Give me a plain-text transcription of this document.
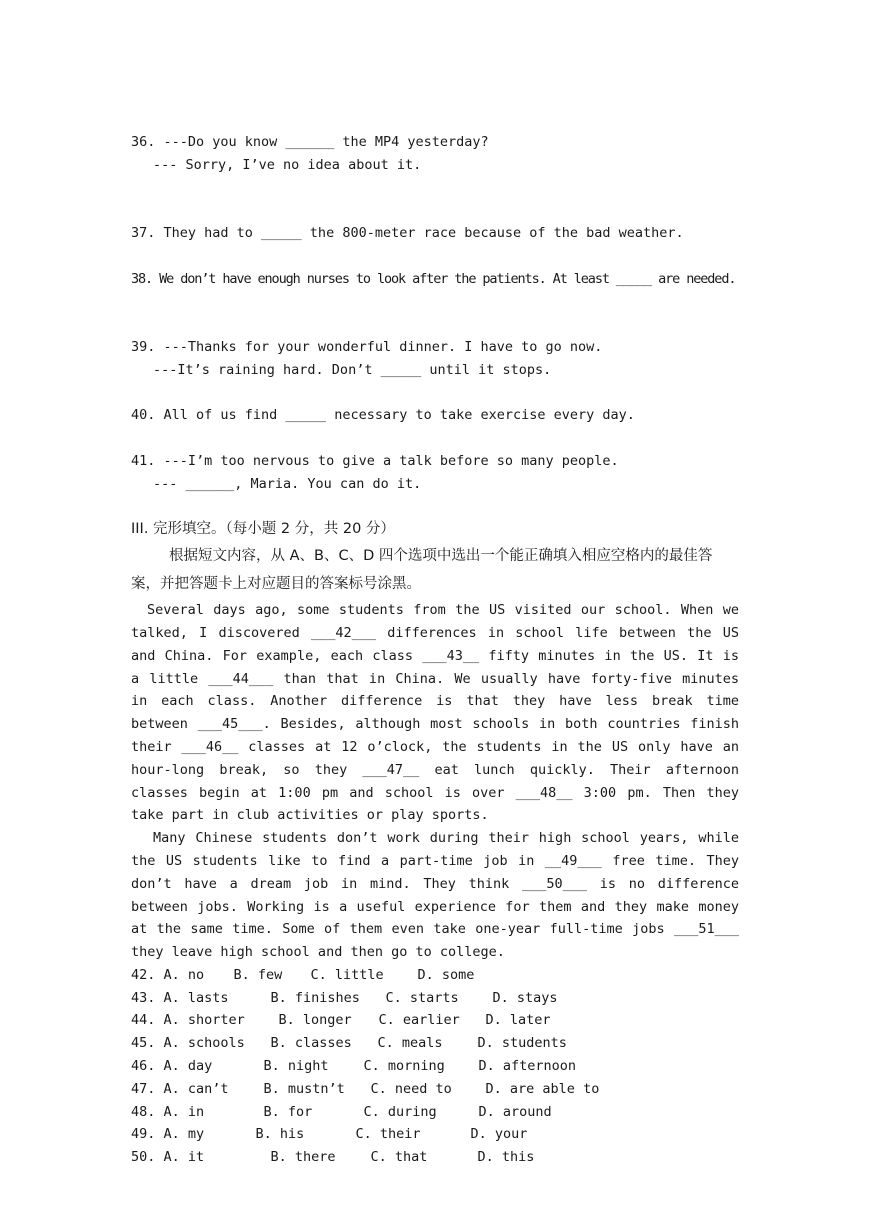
36. ---Do you know ______ the MP4 yesterday?
--- Sorry, I’ve no idea about it.

37. They had to _____ the 800-meter race because of the bad weather.

38. We don’t have enough nurses to look after the patients. At least _____ are needed.

39. ---Thanks for your wonderful dinner. I have to go now.
---It’s raining hard. Don’t _____ until it stops.

40. All of us find _____ necessary to take exercise every day.

41. ---I’m too nervous to give a talk before so many people.
--- ______, Maria. You can do it.

III. 完形填空。（每小题 2 分，共 20 分）
根据短文内容，从 A、B、C、D 四个选项中选出一个能正确填入相应空格内的最佳答案，并把答题卡上对应题目的答案标号涂黑。
Several days ago, some students from the US visited our school. When we talked, I discovered ___42___ differences in school life between the US and China. For example, each class ___43__ fifty minutes in the US. It is a little ___44___ than that in China. We usually have forty-five minutes in each class. Another difference is that they have less break time between ___45___. Besides, although most schools in both countries finish their ___46__ classes at 12 o’clock, the students in the US only have an hour-long break, so they ___47__ eat lunch quickly. Their afternoon classes begin at 1:00 pm and school is over ___48__ 3:00 pm. Then they take part in club activities or play sports.
Many Chinese students don’t work during their high school years, while the US students like to find a part-time job in __49___ free time. They don’t have a dream job in mind. They think ___50___ is no difference between jobs. Working is a useful experience for them and they make money at the same time. Some of them even take one-year full-time jobs ___51___ they leave high school and then go to college.
42. A. no B. few C. little	D. some
43. A. lasts	B. finishes C. starts	D. stays
44. A. shorter B. longer C. earlier D. later
45. A. schools B. classes C. meals	D. students
46. A. day	B. night	C. morning D. afternoon
47. A. can’t	B. mustn’t C. need to D. are able to
48. A. in	B. for	C. during	D. around
49. A. my	B. his	C. their	D. your
50. A. it	B. there	C. that	D. this
